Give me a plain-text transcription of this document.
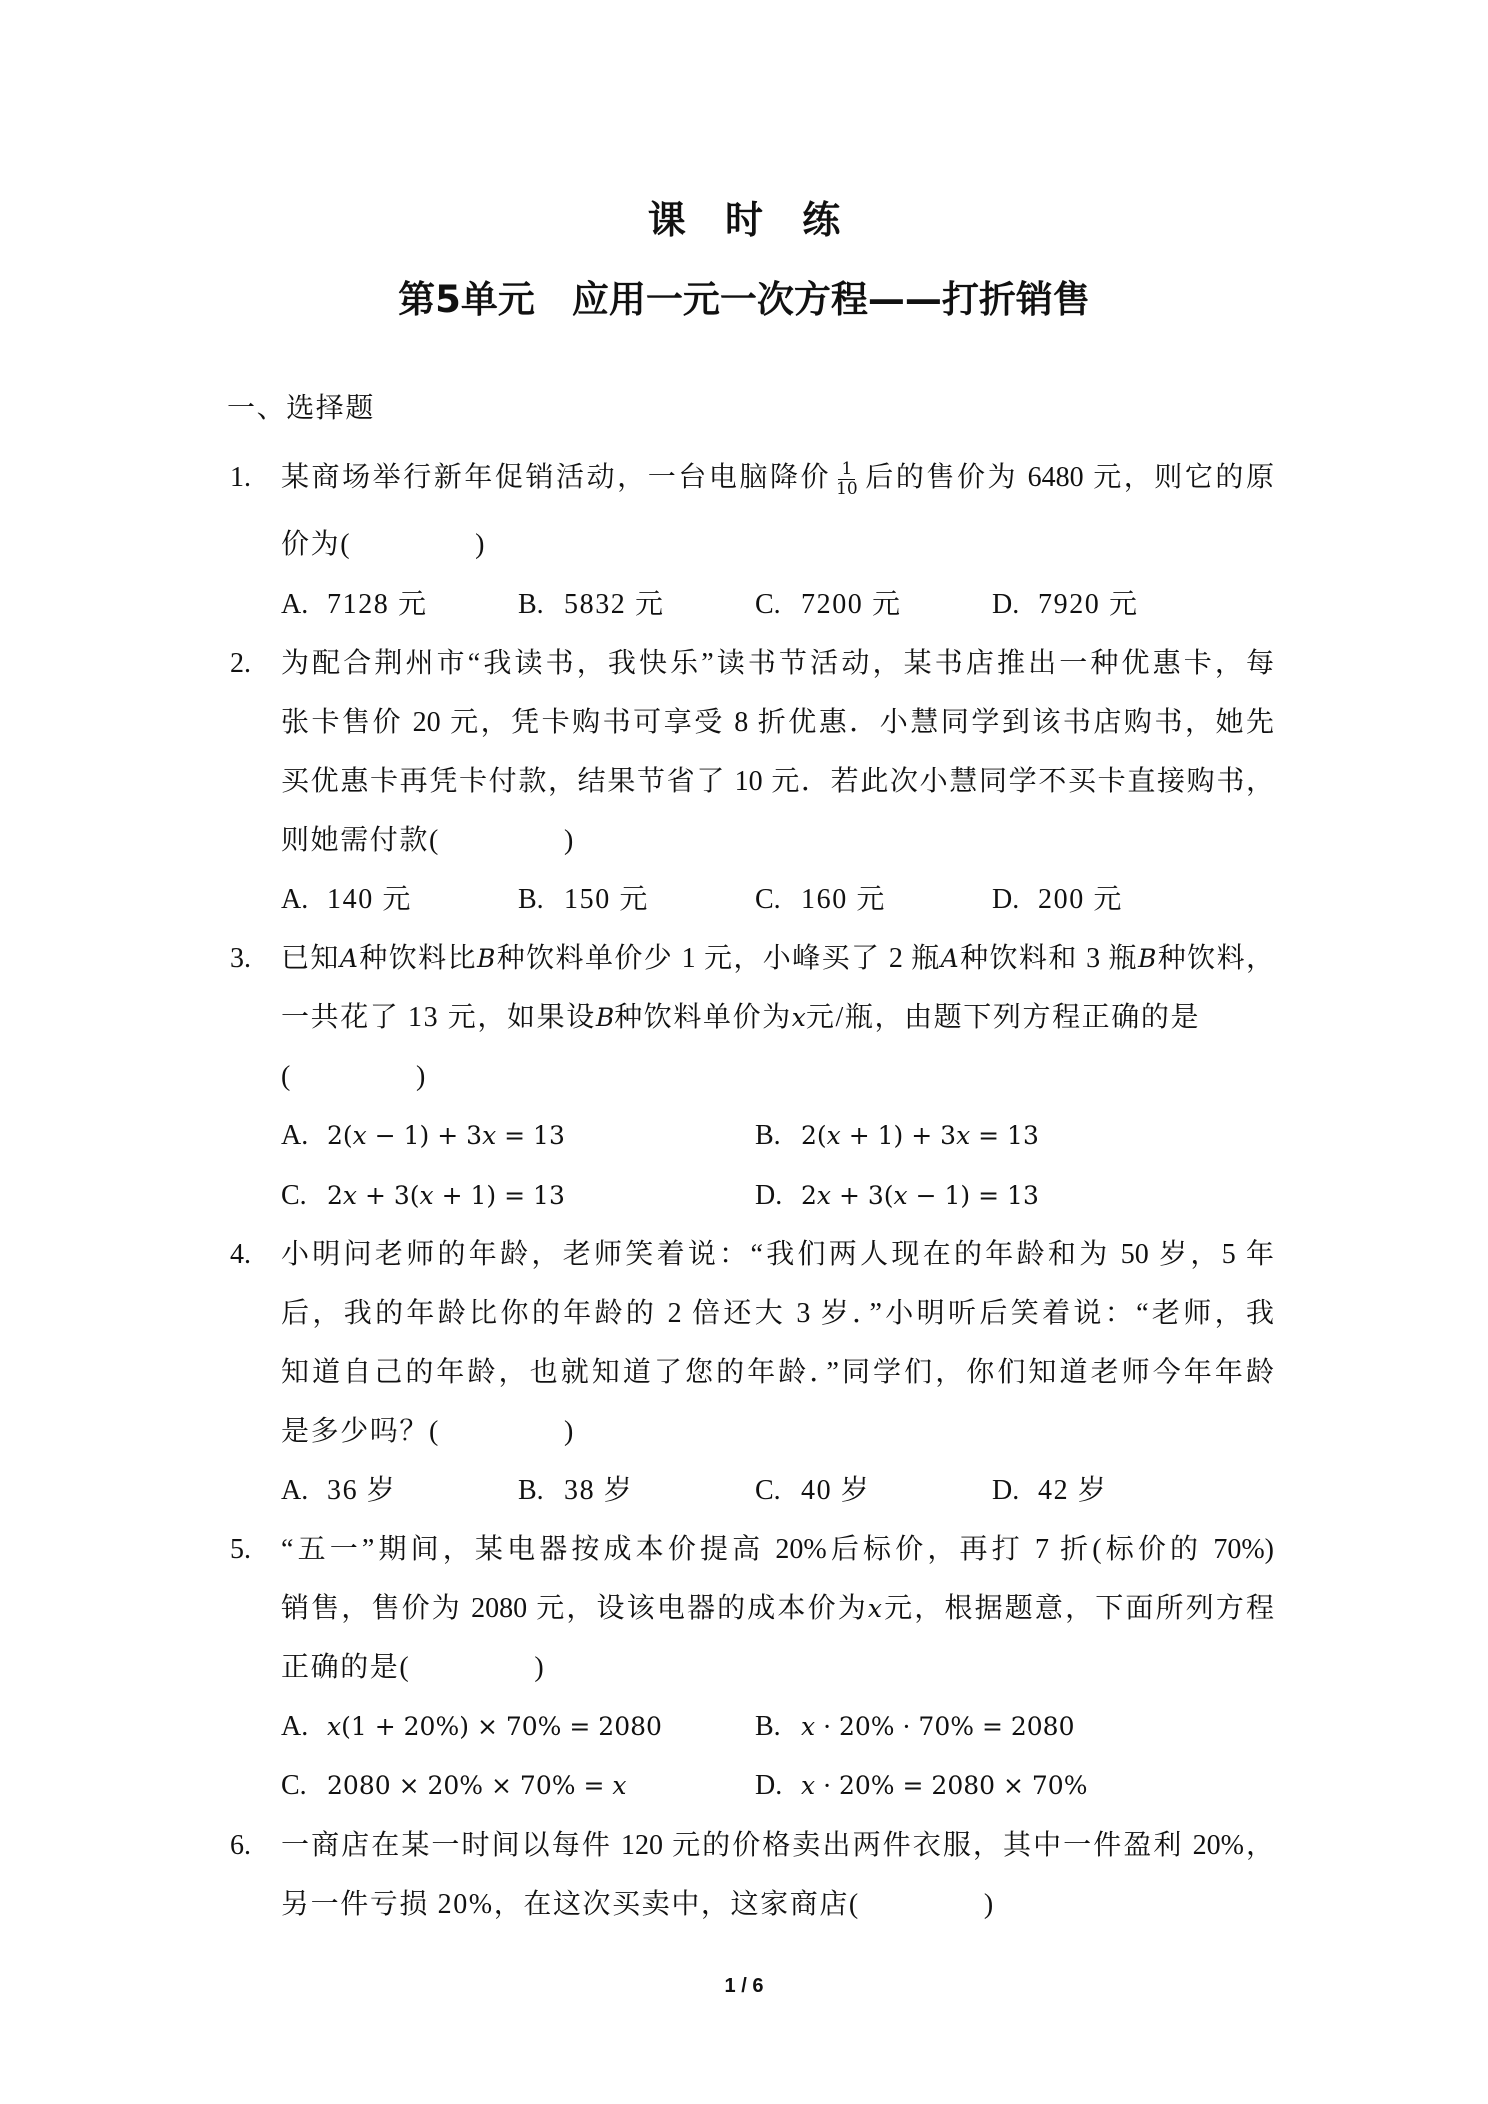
课 时 练
第5单元　应用一元一次方程——打折销售
一、选择题
1. 某商场举行新年促销活动，一台电脑降价 $\frac{1}{10}$ 后的售价为 6480 元，则它的原
价为(	)
A. 7128 元	B. 5832 元	C. 7200 元	D. 7920 元
2. 为配合荆州市“我读书，我快乐”读书节活动，某书店推出一种优惠卡，每
张卡售价 20 元，凭卡购书可享受 8 折优惠．小慧同学到该书店购书，她先
买优惠卡再凭卡付款，结果节省了 10 元．若此次小慧同学不买卡直接购书，
则她需付款(	)
A. 140 元	B. 150 元	C. 160 元	D. 200 元
3. 已知A种饮料比B种饮料单价少 1 元，小峰买了 2 瓶A种饮料和 3 瓶B种饮料，
一共花了 13 元，如果设B种饮料单价为x元/瓶，由题下列方程正确的是
(	)
A. 2(x − 1) + 3x = 13	B. 2(x + 1) + 3x = 13
C. 2x + 3(x + 1) = 13	D. 2x + 3(x − 1) = 13
4. 小明问老师的年龄，老师笑着说：“我们两人现在的年龄和为 50 岁，5 年
后，我的年龄比你的年龄的 2 倍还大 3 岁．”小明听后笑着说：“老师，我
知道自己的年龄，也就知道了您的年龄．”同学们，你们知道老师今年年龄
是多少吗？(	)
A. 36 岁	B. 38 岁	C. 40 岁	D. 42 岁
5. “五一”期间，某电器按成本价提高 20%后标价，再打 7 折(标价的 70%)
销售，售价为 2080 元，设该电器的成本价为x元，根据题意，下面所列方程
正确的是(	)
A. x(1 + 20%) × 70% = 2080	B. x · 20% · 70% = 2080
C. 2080 × 20% × 70% = x	D. x · 20% = 2080 × 70%
6. 一商店在某一时间以每件 120 元的价格卖出两件衣服，其中一件盈利 20%，
另一件亏损 20%，在这次买卖中，这家商店(	)
1 / 6
